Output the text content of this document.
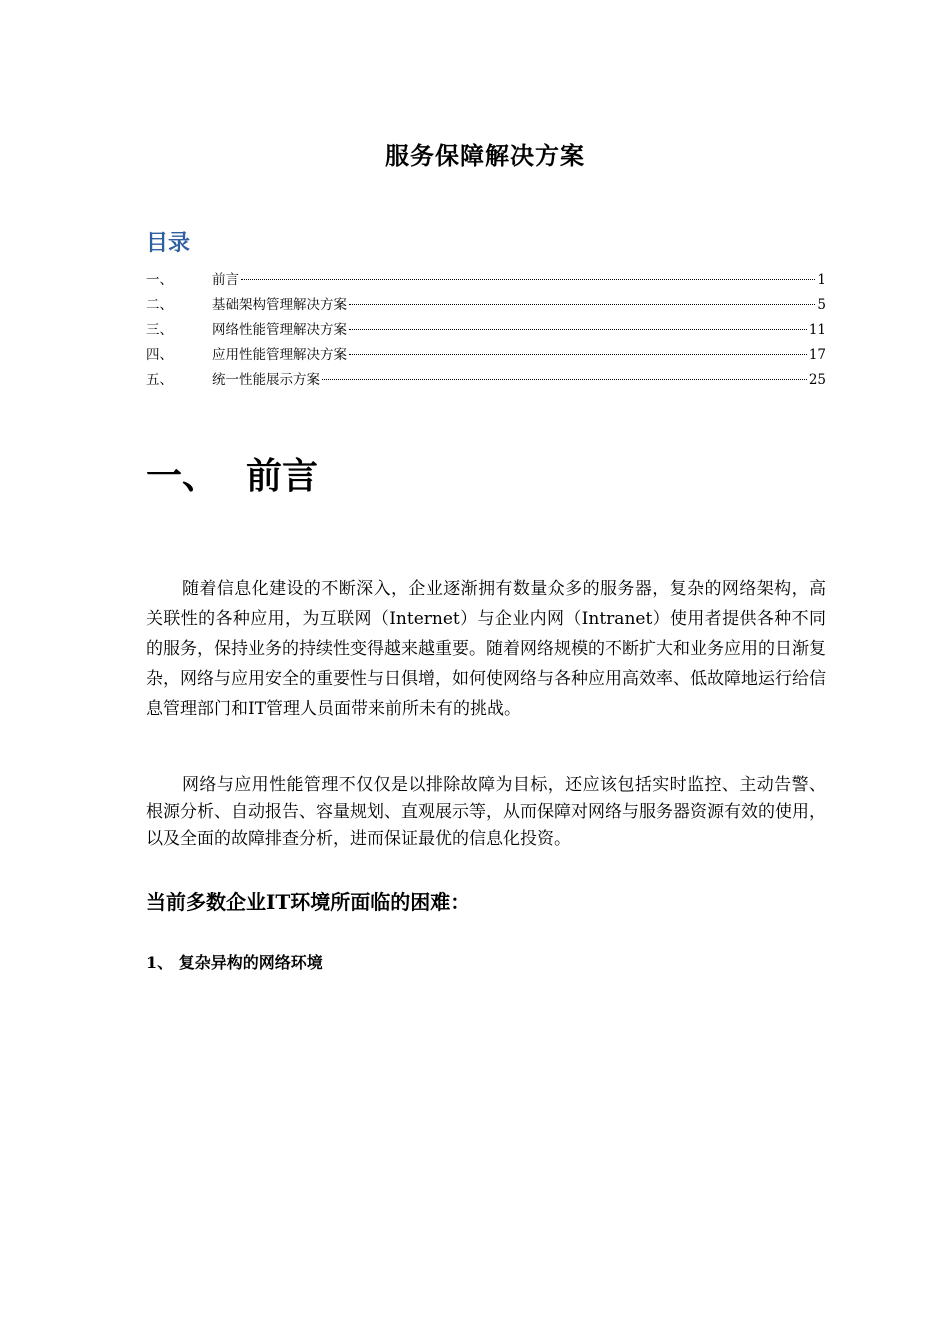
服务保障解决方案
目录
一、	前言	1
二、	基础架构管理解决方案	5
三、	网络性能管理解决方案	11
四、	应用性能管理解决方案	17
五、	统一性能展示方案	25
一、 前言

随着信息化建设的不断深入，企业逐渐拥有数量众多的服务器，复杂的网络架构，高关联性的各种应用，为互联网（Internet）与企业内网（Intranet）使用者提供各种不同的服务，保持业务的持续性变得越来越重要。随着网络规模的不断扩大和业务应用的日渐复杂，网络与应用安全的重要性与日俱增，如何使网络与各种应用高效率、低故障地运行给信息管理部门和IT管理人员面带来前所未有的挑战。

网络与应用性能管理不仅仅是以排除故障为目标，还应该包括实时监控、主动告警、根源分析、自动报告、容量规划、直观展示等，从而保障对网络与服务器资源有效的使用，以及全面的故障排查分析，进而保证最优的信息化投资。

当前多数企业IT环境所面临的困难：
1、 复杂异构的网络环境
